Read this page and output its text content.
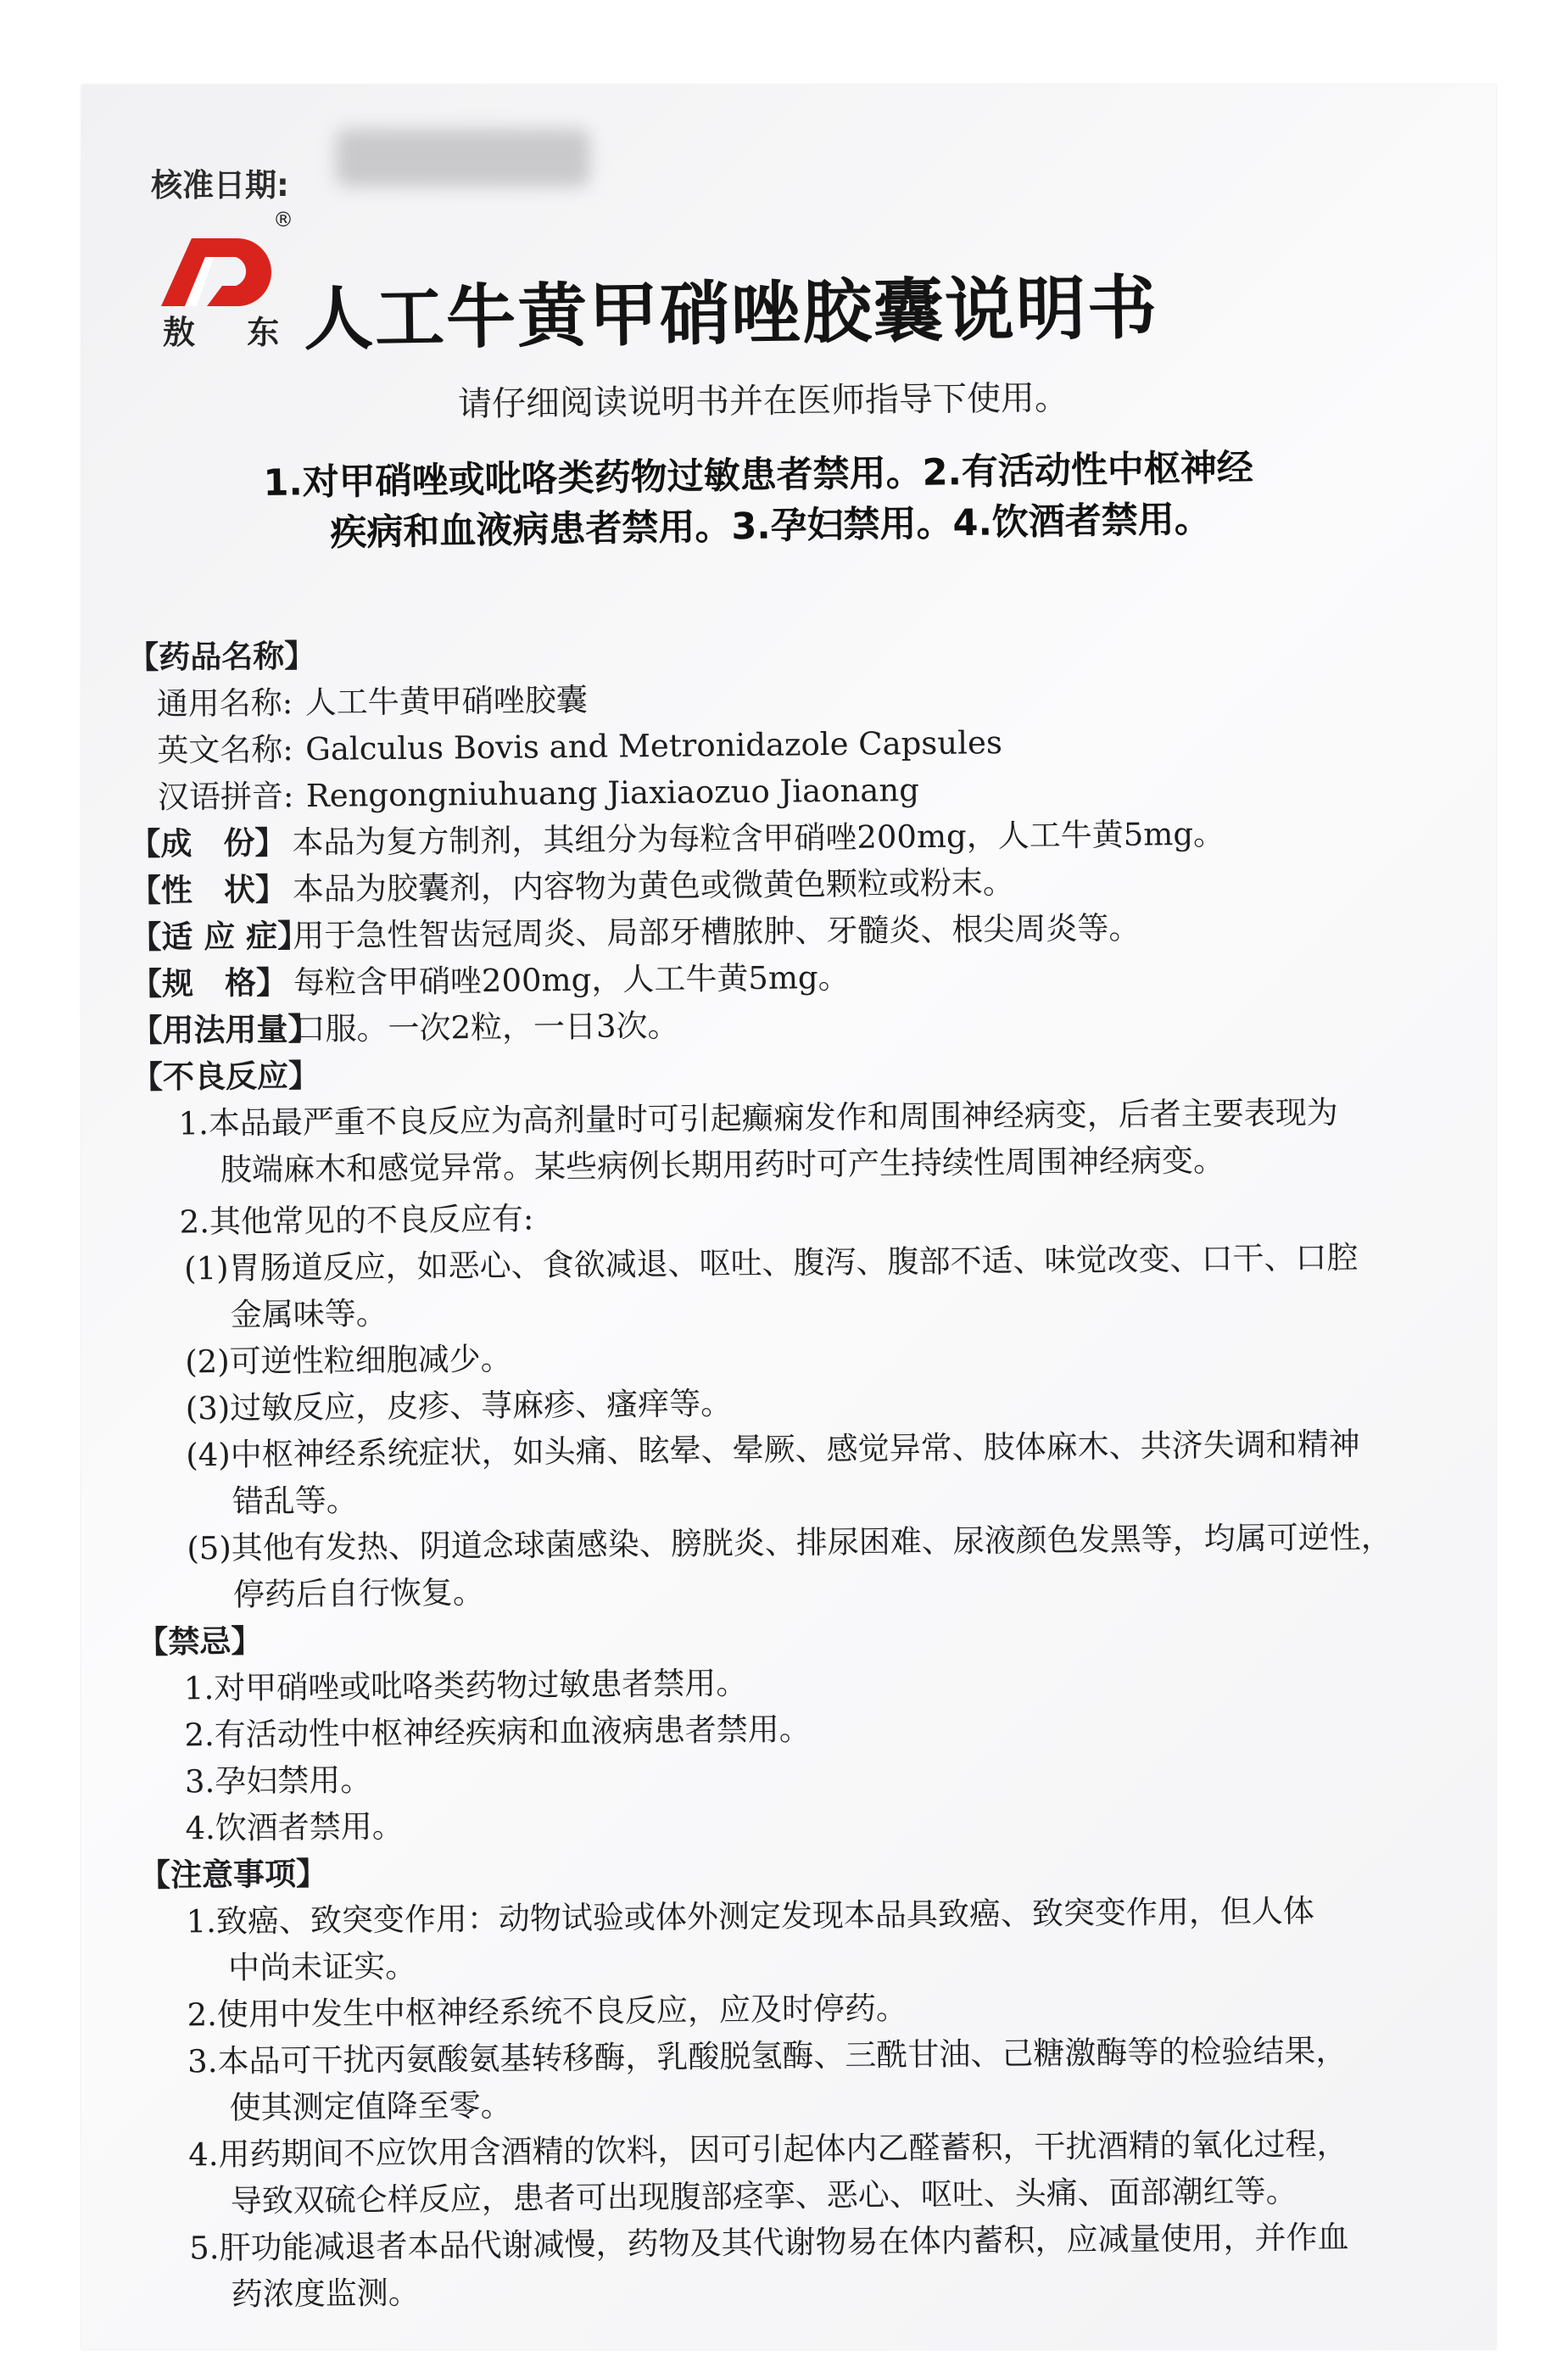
核准日期:
®
敖 东 人工牛黄甲硝唑胶囊说明书
请仔细阅读说明书并在医师指导下使用。
1.对甲硝唑或吡咯类药物过敏患者禁用。2.有活动性中枢神经
疾病和血液病患者禁用。3.孕妇禁用。4.饮酒者禁用。
【药品名称】
通用名称: 人工牛黄甲硝唑胶囊
英文名称: Galculus Bovis and Metronidazole Capsules
汉语拼音: Rengongniuhuang Jiaxiaozuo Jiaonang
【成　份】 本品为复方制剂，其组分为每粒含甲硝唑200mg，人工牛黄5mg。
【性　状】 本品为胶囊剂，内容物为黄色或微黄色颗粒或粉末。
【适 应 症】用于急性智齿冠周炎、局部牙槽脓肿、牙髓炎、根尖周炎等。
【规　格】 每粒含甲硝唑200mg，人工牛黄5mg。
【用法用量】口服。一次2粒，一日3次。
【不良反应】
1.本品最严重不良反应为高剂量时可引起癫痫发作和周围神经病变，后者主要表现为
肢端麻木和感觉异常。某些病例长期用药时可产生持续性周围神经病变。
2.其他常见的不良反应有:
(1)胃肠道反应，如恶心、食欲减退、呕吐、腹泻、腹部不适、味觉改变、口干、口腔
金属味等。
(2)可逆性粒细胞减少。
(3)过敏反应，皮疹、荨麻疹、瘙痒等。
(4)中枢神经系统症状，如头痛、眩晕、晕厥、感觉异常、肢体麻木、共济失调和精神
错乱等。
(5)其他有发热、阴道念球菌感染、膀胱炎、排尿困难、尿液颜色发黑等，均属可逆性，
停药后自行恢复。
【禁忌】
1.对甲硝唑或吡咯类药物过敏患者禁用。
2.有活动性中枢神经疾病和血液病患者禁用。
3.孕妇禁用。
4.饮酒者禁用。
【注意事项】
1.致癌、致突变作用：动物试验或体外测定发现本品具致癌、致突变作用，但人体
中尚未证实。
2.使用中发生中枢神经系统不良反应，应及时停药。
3.本品可干扰丙氨酸氨基转移酶，乳酸脱氢酶、三酰甘油、己糖激酶等的检验结果，
使其测定值降至零。
4.用药期间不应饮用含酒精的饮料，因可引起体内乙醛蓄积，干扰酒精的氧化过程，
导致双硫仑样反应，患者可出现腹部痉挛、恶心、呕吐、头痛、面部潮红等。
5.肝功能减退者本品代谢减慢，药物及其代谢物易在体内蓄积，应减量使用，并作血
药浓度监测。
